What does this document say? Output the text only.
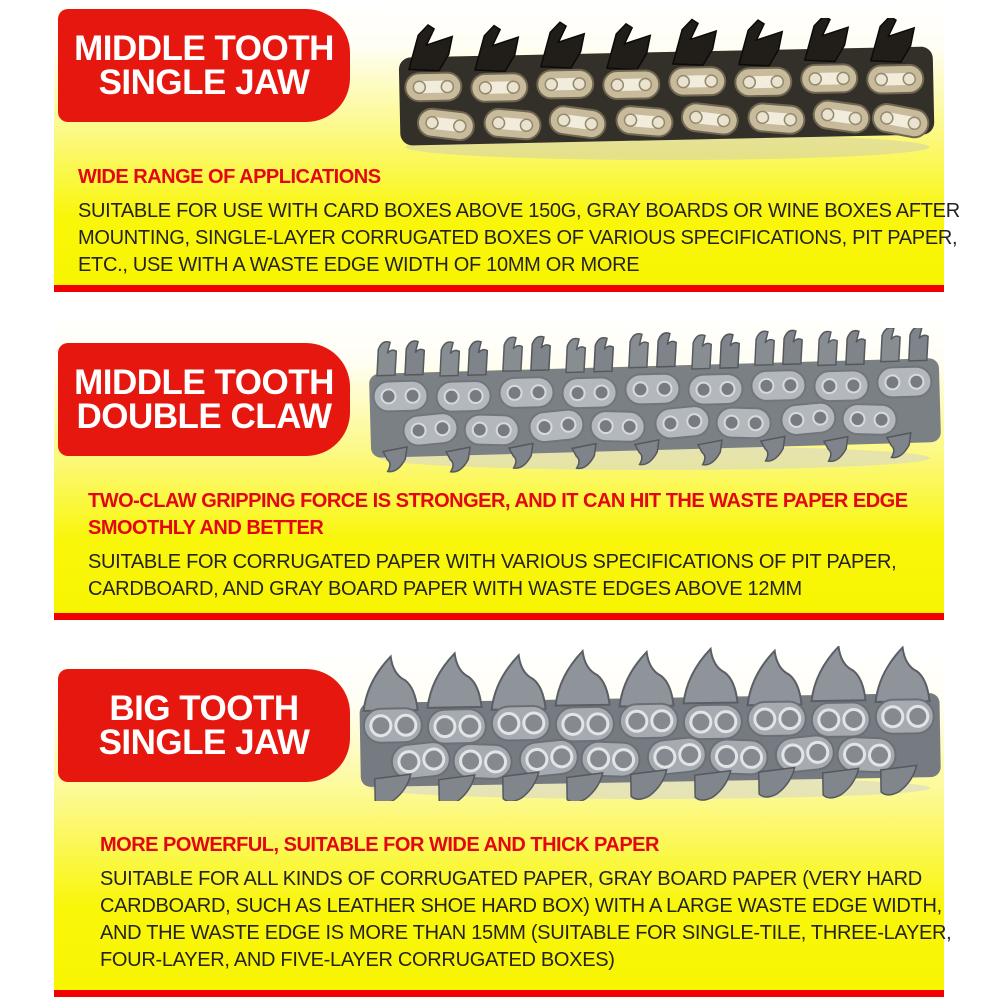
MIDDLE TOOTH
SINGLE JAW
WIDE RANGE OF APPLICATIONS
SUITABLE FOR USE WITH CARD BOXES ABOVE 150G, GRAY BOARDS OR WINE BOXES AFTER
MOUNTING, SINGLE-LAYER CORRUGATED BOXES OF VARIOUS SPECIFICATIONS, PIT PAPER,
ETC., USE WITH A WASTE EDGE WIDTH OF 10MM OR MORE
MIDDLE TOOTH
DOUBLE CLAW
TWO-CLAW GRIPPING FORCE IS STRONGER, AND IT CAN HIT THE WASTE PAPER EDGE
SMOOTHLY AND BETTER
SUITABLE FOR CORRUGATED PAPER WITH VARIOUS SPECIFICATIONS OF PIT PAPER,
CARDBOARD, AND GRAY BOARD PAPER WITH WASTE EDGES ABOVE 12MM
BIG TOOTH
SINGLE JAW
MORE POWERFUL, SUITABLE FOR WIDE AND THICK PAPER
SUITABLE FOR ALL KINDS OF CORRUGATED PAPER, GRAY BOARD PAPER (VERY HARD
CARDBOARD, SUCH AS LEATHER SHOE HARD BOX) WITH A LARGE WASTE EDGE WIDTH,
AND THE WASTE EDGE IS MORE THAN 15MM (SUITABLE FOR SINGLE-TILE, THREE-LAYER,
FOUR-LAYER, AND FIVE-LAYER CORRUGATED BOXES)
